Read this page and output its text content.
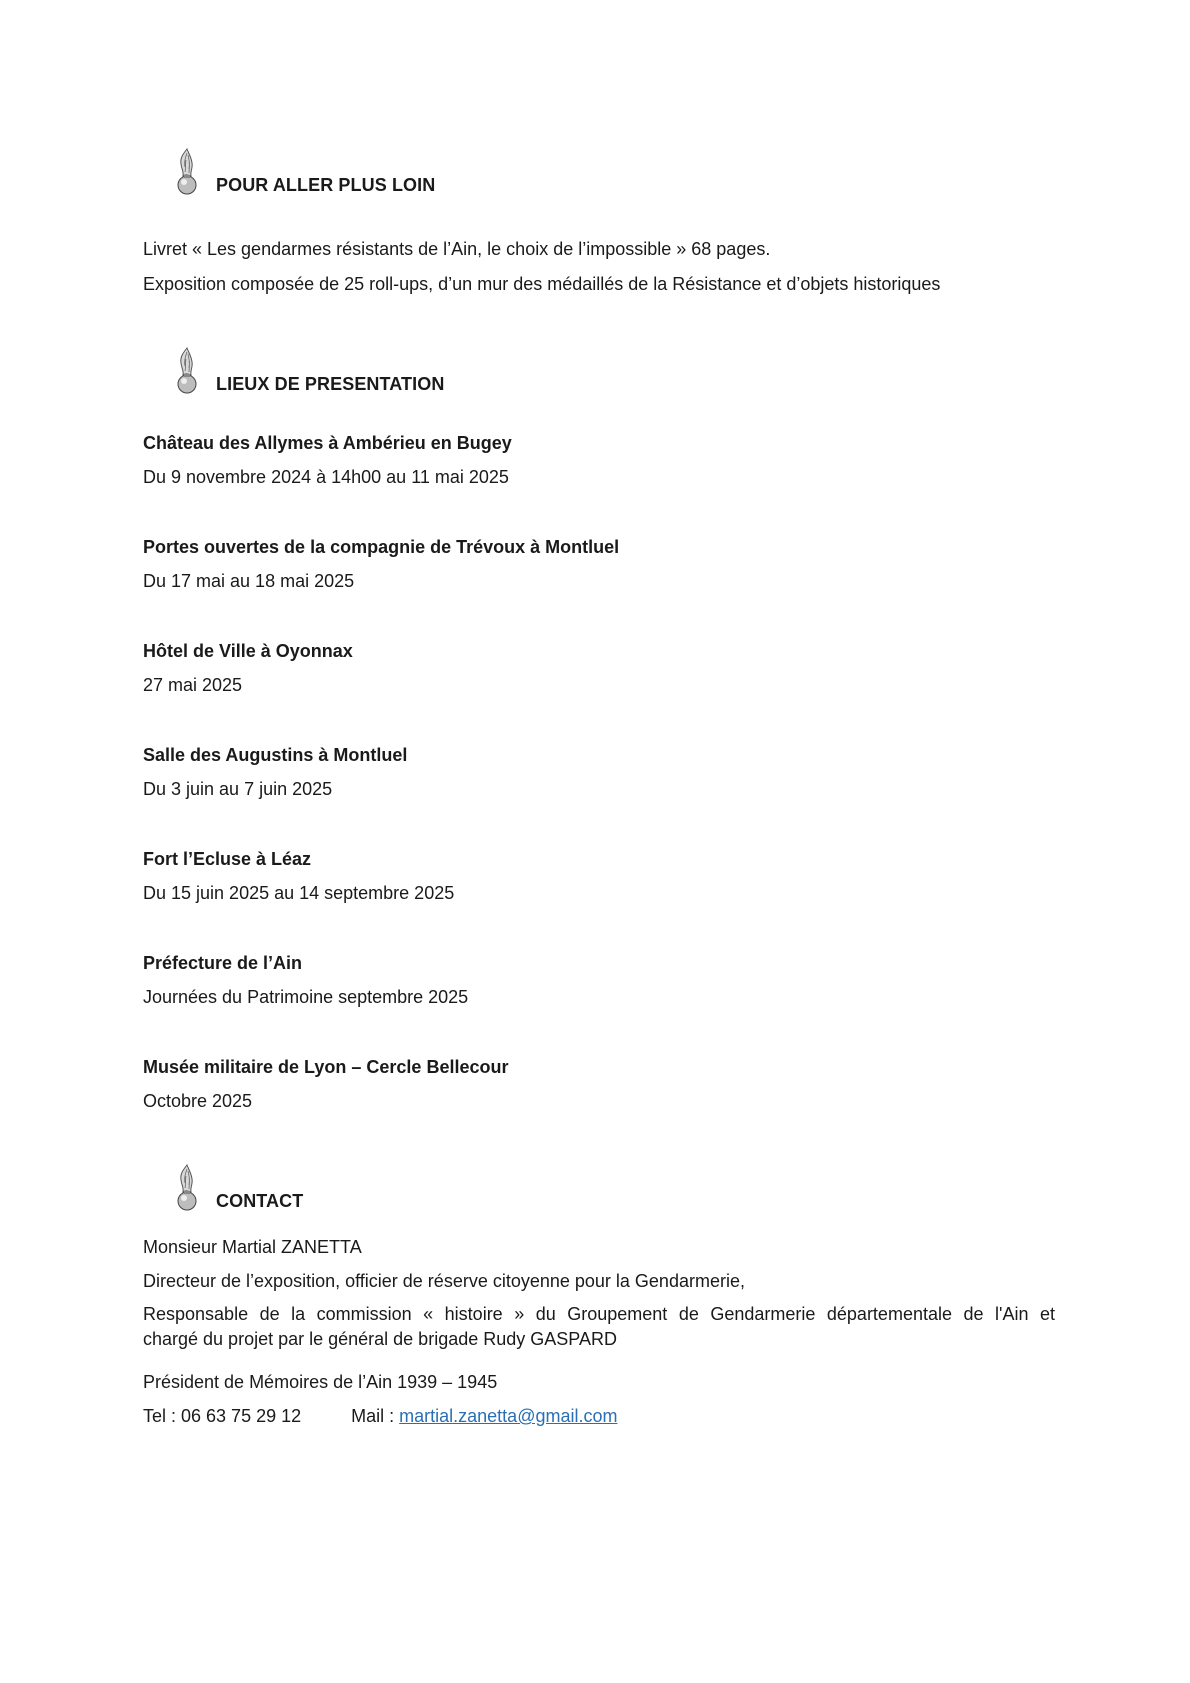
POUR ALLER PLUS LOIN
Livret « Les gendarmes résistants de l’Ain, le choix de l’impossible » 68 pages.
Exposition composée de 25 roll-ups, d’un mur des médaillés de la Résistance et d’objets historiques
LIEUX DE PRESENTATION
Château des Allymes à Ambérieu en Bugey
Du 9 novembre 2024 à 14h00 au 11 mai 2025
Portes ouvertes de la compagnie de Trévoux à Montluel
Du 17 mai au 18 mai 2025
Hôtel de Ville à Oyonnax
27 mai 2025
Salle des Augustins à Montluel
Du 3 juin au 7 juin 2025
Fort l’Ecluse à Léaz
Du 15 juin 2025 au 14 septembre 2025
Préfecture de l’Ain
Journées du Patrimoine septembre 2025
Musée militaire de Lyon – Cercle Bellecour
Octobre 2025
CONTACT
Monsieur Martial ZANETTA
Directeur de l’exposition, officier de réserve citoyenne pour la Gendarmerie,
Responsable de la commission « histoire » du Groupement de Gendarmerie départementale de l'Ain et
chargé du projet par le général de brigade Rudy GASPARD
Président de Mémoires de l’Ain 1939 – 1945
Tel : 06 63 75 29 12	Mail : martial.zanetta@gmail.com
